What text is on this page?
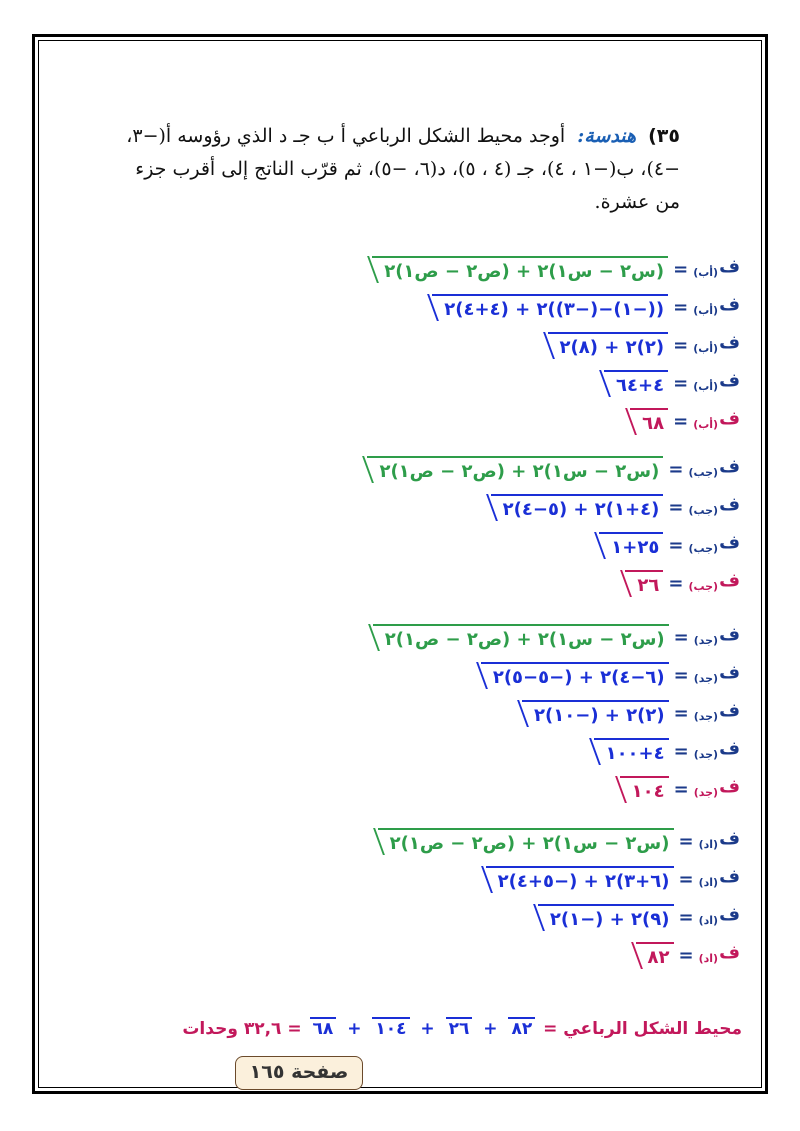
٣٥) هندسة: أوجد محيط الشكل الرباعي أ ب جـ د الذي رؤوسه أ(−٣، −٤)، ب(−١ ، ٤)، جـ (٤ ، ٥)، د(٦، −٥)، ثم قرّب الناتج إلى أقرب جزء من عشرة.
ف(أب)=(س٢ − س١)٢ + (ص٢ − ص١)٢
ف(أب)=((−١)−(−٣))٢ + (٤+٤)٢
ف(أب)=(٢)٢ + (٨)٢
ف(أب)=٤+٦٤
ف(أب)=٦٨
ف(جب)=(س٢ − س١)٢ + (ص٢ − ص١)٢
ف(جب)=(٤+١)٢ + (٥−٤)٢
ف(جب)=٢٥+١
ف(جب)=٢٦
ف(جد)=(س٢ − س١)٢ + (ص٢ − ص١)٢
ف(جد)=(٦−٤)٢ + (−٥−٥)٢
ف(جد)=(٢)٢ + (−١٠)٢
ف(جد)=٤+١٠٠
ف(جد)=١٠٤
ف(اد)=(س٢ − س١)٢ + (ص٢ − ص١)٢
ف(اد)=(٦+٣)٢ + (−٥+٤)٢
ف(اد)=(٩)٢ + (−١)٢
ف(اد)=٨٢
محيط الشكل الرباعي = ٨٢ + ٢٦ + ١٠٤ + ٦٨ = ٣٢,٦ وحدات
صفحة ١٦٥
